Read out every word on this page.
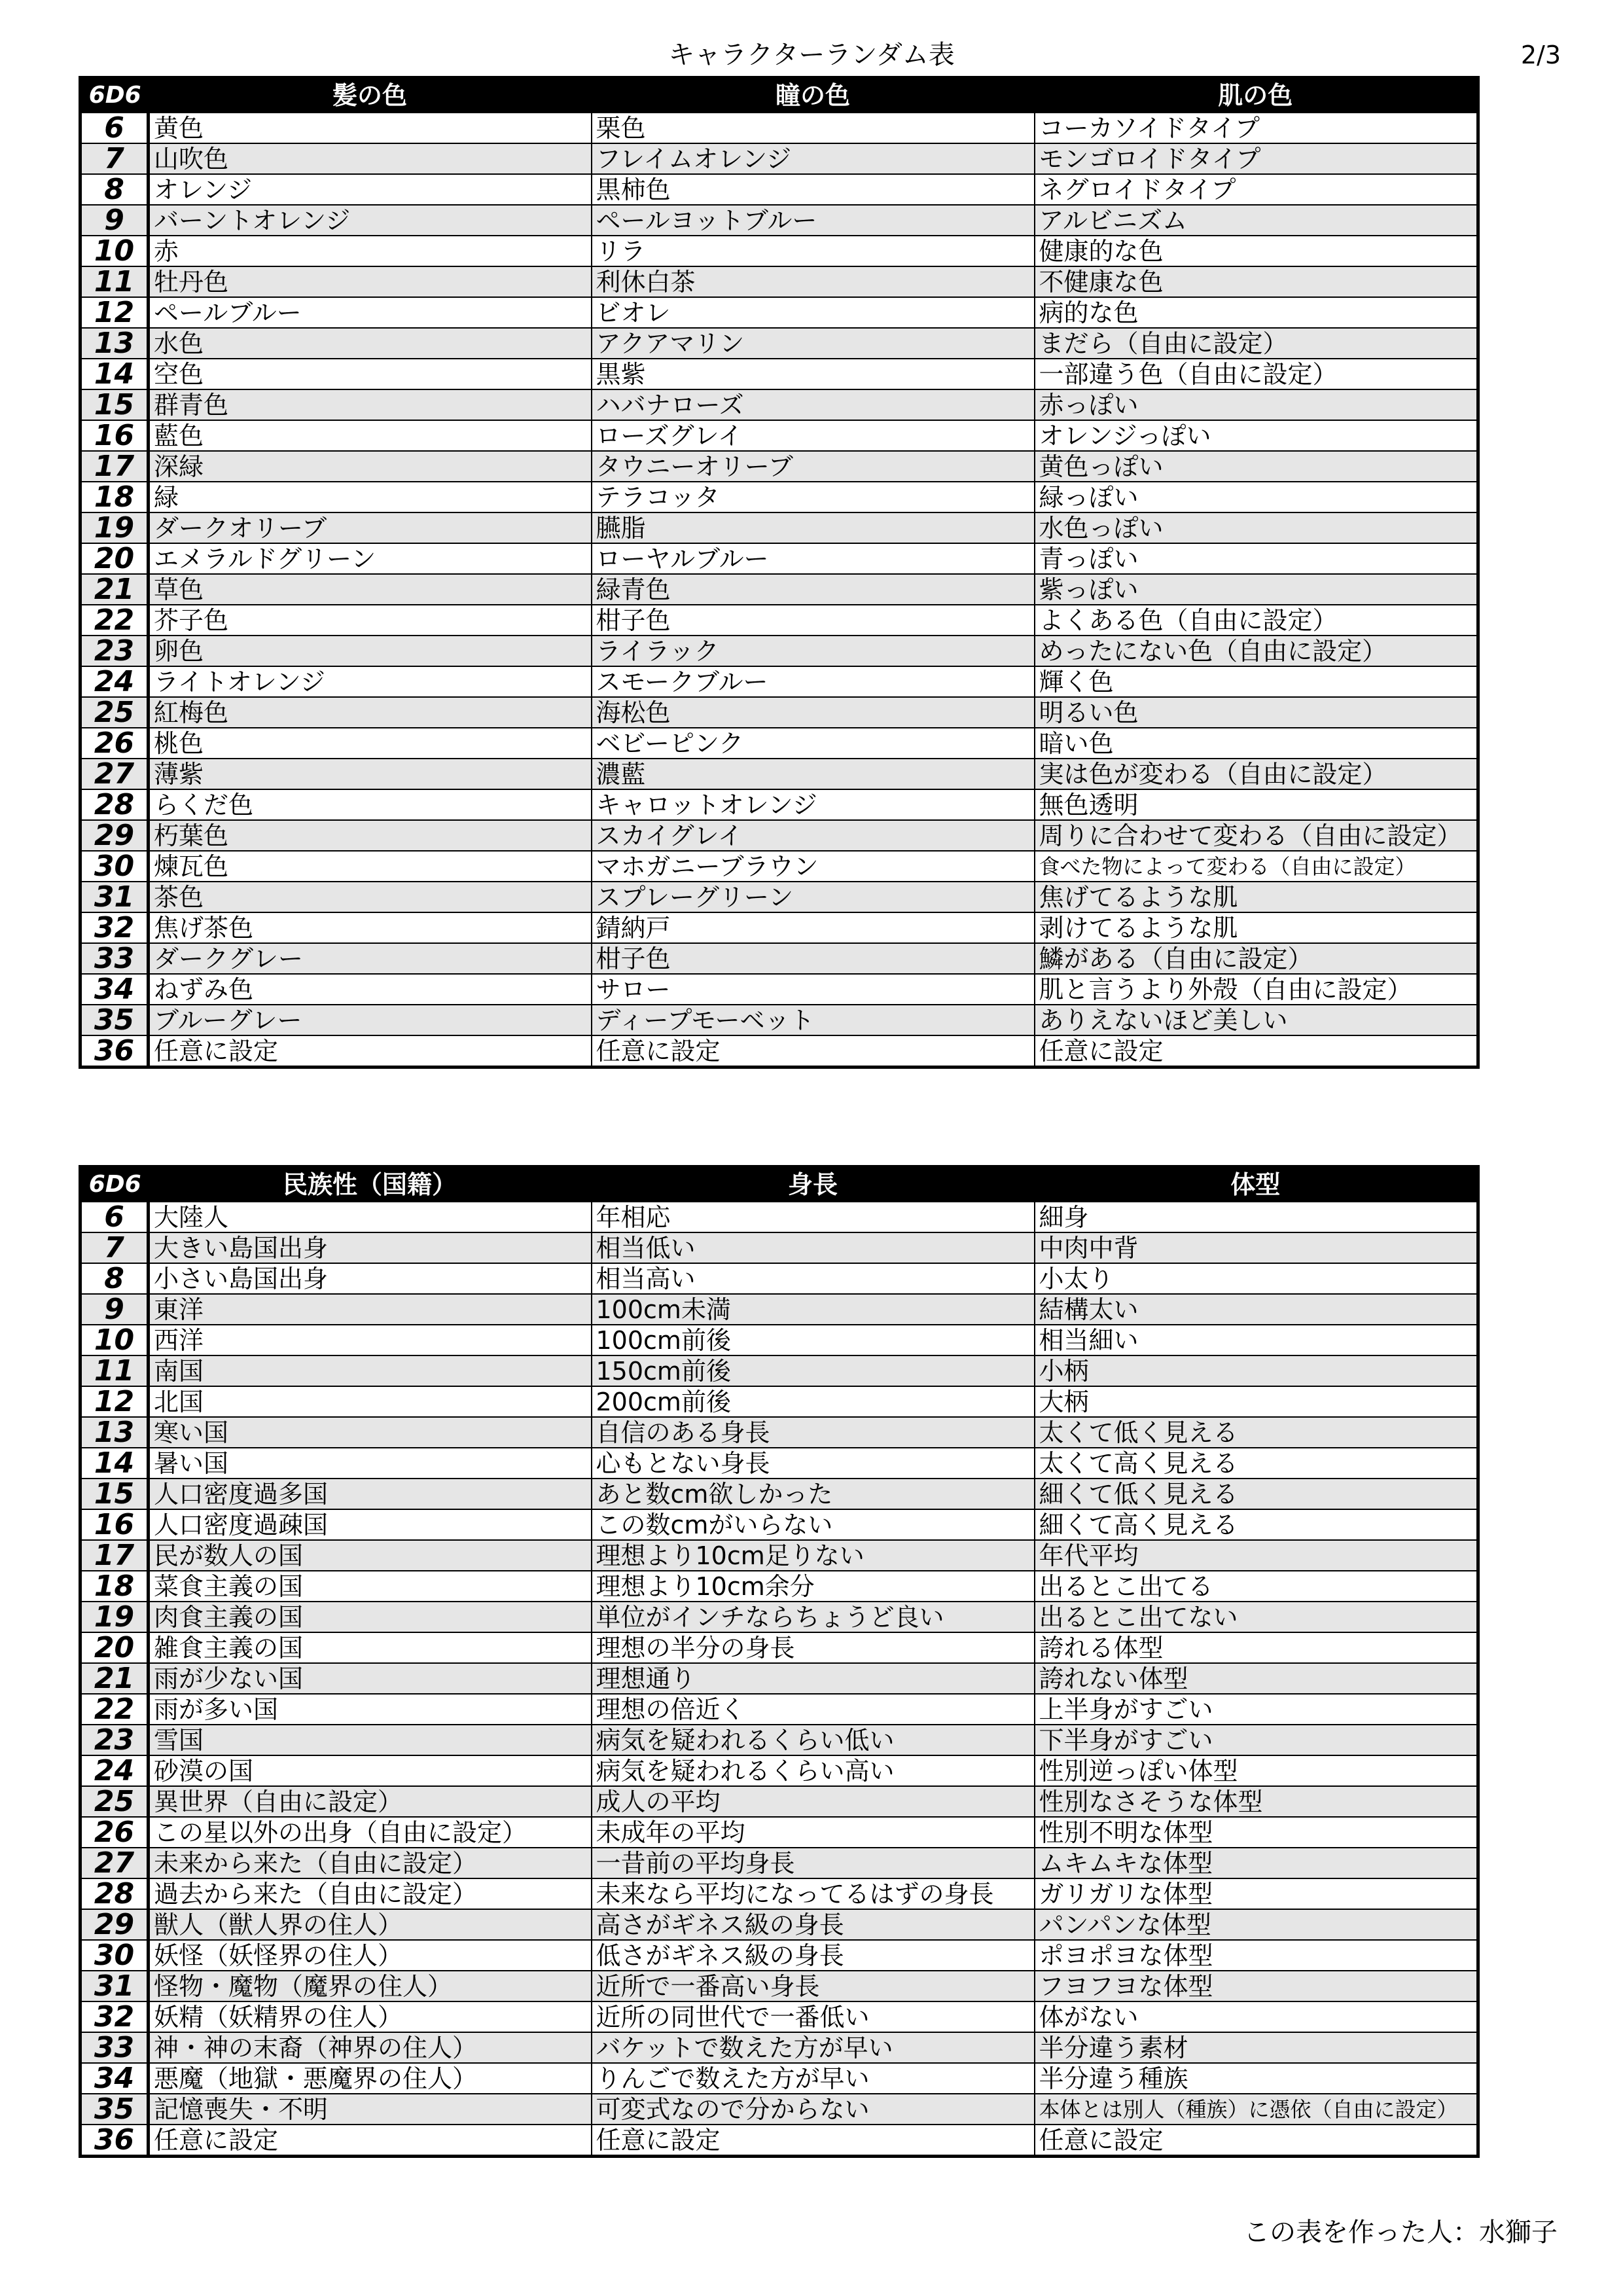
キャラクターランダム表	2/3
6D6	髪の色	瞳の色	肌の色
6	黄色	栗色	コーカソイドタイプ
7	山吹色	フレイムオレンジ	モンゴロイドタイプ
8	オレンジ	黒柿色	ネグロイドタイプ
9	バーントオレンジ	ペールヨットブルー	アルビニズム
10	赤	リラ	健康的な色
11	牡丹色	利休白茶	不健康な色
12	ペールブルー	ビオレ	病的な色
13	水色	アクアマリン	まだら（自由に設定）
14	空色	黒紫	一部違う色（自由に設定）
15	群青色	ハバナローズ	赤っぽい
16	藍色	ローズグレイ	オレンジっぽい
17	深緑	タウニーオリーブ	黄色っぽい
18	緑	テラコッタ	緑っぽい
19	ダークオリーブ	臙脂	水色っぽい
20	エメラルドグリーン	ローヤルブルー	青っぽい
21	草色	緑青色	紫っぽい
22	芥子色	柑子色	よくある色（自由に設定）
23	卵色	ライラック	めったにない色（自由に設定）
24	ライトオレンジ	スモークブルー	輝く色
25	紅梅色	海松色	明るい色
26	桃色	ベビーピンク	暗い色
27	薄紫	濃藍	実は色が変わる（自由に設定）
28	らくだ色	キャロットオレンジ	無色透明
29	朽葉色	スカイグレイ	周りに合わせて変わる（自由に設定）
30	煉瓦色	マホガニーブラウン	食べた物によって変わる（自由に設定）
31	茶色	スプレーグリーン	焦げてるような肌
32	焦げ茶色	錆納戸	剥けてるような肌
33	ダークグレー	柑子色	鱗がある（自由に設定）
34	ねずみ色	サロー	肌と言うより外殻（自由に設定）
35	ブルーグレー	ディープモーベット	ありえないほど美しい
36	任意に設定	任意に設定	任意に設定
6D6	民族性（国籍）	身長	体型
6	大陸人	年相応	細身
7	大きい島国出身	相当低い	中肉中背
8	小さい島国出身	相当高い	小太り
9	東洋	100cm未満	結構太い
10	西洋	100cm前後	相当細い
11	南国	150cm前後	小柄
12	北国	200cm前後	大柄
13	寒い国	自信のある身長	太くて低く見える
14	暑い国	心もとない身長	太くて高く見える
15	人口密度過多国	あと数cm欲しかった	細くて低く見える
16	人口密度過疎国	この数cmがいらない	細くて高く見える
17	民が数人の国	理想より10cm足りない	年代平均
18	菜食主義の国	理想より10cm余分	出るとこ出てる
19	肉食主義の国	単位がインチならちょうど良い	出るとこ出てない
20	雑食主義の国	理想の半分の身長	誇れる体型
21	雨が少ない国	理想通り	誇れない体型
22	雨が多い国	理想の倍近く	上半身がすごい
23	雪国	病気を疑われるくらい低い	下半身がすごい
24	砂漠の国	病気を疑われるくらい高い	性別逆っぽい体型
25	異世界（自由に設定）	成人の平均	性別なさそうな体型
26	この星以外の出身（自由に設定）	未成年の平均	性別不明な体型
27	未来から来た（自由に設定）	一昔前の平均身長	ムキムキな体型
28	過去から来た（自由に設定）	未来なら平均になってるはずの身長	ガリガリな体型
29	獣人（獣人界の住人）	高さがギネス級の身長	パンパンな体型
30	妖怪（妖怪界の住人）	低さがギネス級の身長	ポヨポヨな体型
31	怪物・魔物（魔界の住人）	近所で一番高い身長	フヨフヨな体型
32	妖精（妖精界の住人）	近所の同世代で一番低い	体がない
33	神・神の末裔（神界の住人）	バケットで数えた方が早い	半分違う素材
34	悪魔（地獄・悪魔界の住人）	りんごで数えた方が早い	半分違う種族
35	記憶喪失・不明	可変式なので分からない	本体とは別人（種族）に憑依（自由に設定）
36	任意に設定	任意に設定	任意に設定
この表を作った人：水獅子
